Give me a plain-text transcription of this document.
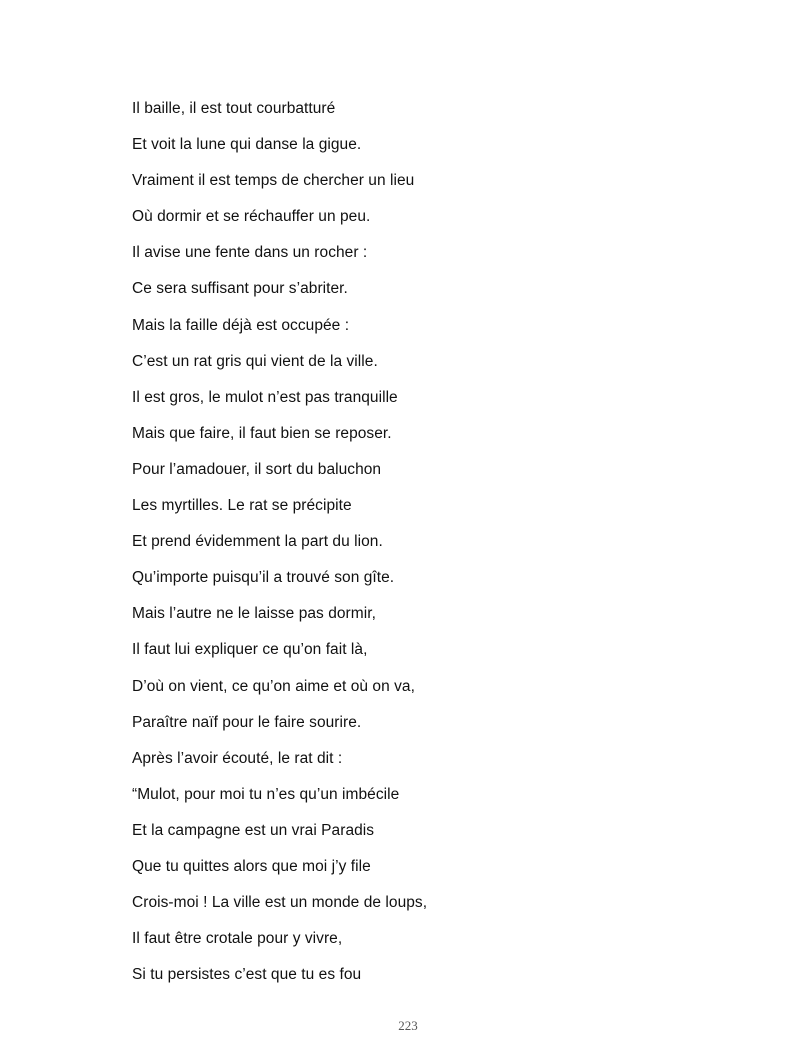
Il baille, il est tout courbatturé
Et voit la lune qui danse la gigue.
Vraiment il est temps de chercher un lieu
Où dormir et se réchauffer un peu.
Il avise une fente dans un rocher :
Ce sera suffisant pour s’abriter.
Mais la faille déjà est occupée :
C’est un rat gris qui vient de la ville.
Il est gros, le mulot n’est pas tranquille
Mais que faire, il faut bien se reposer.
Pour l’amadouer, il sort du baluchon
Les myrtilles. Le rat se précipite
Et prend évidemment la part du lion.
Qu’importe puisqu’il a trouvé son gîte.
Mais l’autre ne le laisse pas dormir,
Il faut lui expliquer ce qu’on fait là,
D’où on vient, ce qu’on aime et où on va,
Paraître naïf pour le faire sourire.
Après l’avoir écouté, le rat dit :
“Mulot, pour moi tu n’es qu’un imbécile
Et la campagne est un vrai Paradis
Que tu quittes alors que moi j’y file
Crois-moi ! La ville est un monde de loups,
Il faut être crotale pour y vivre,
Si tu persistes c’est que tu es fou
223
